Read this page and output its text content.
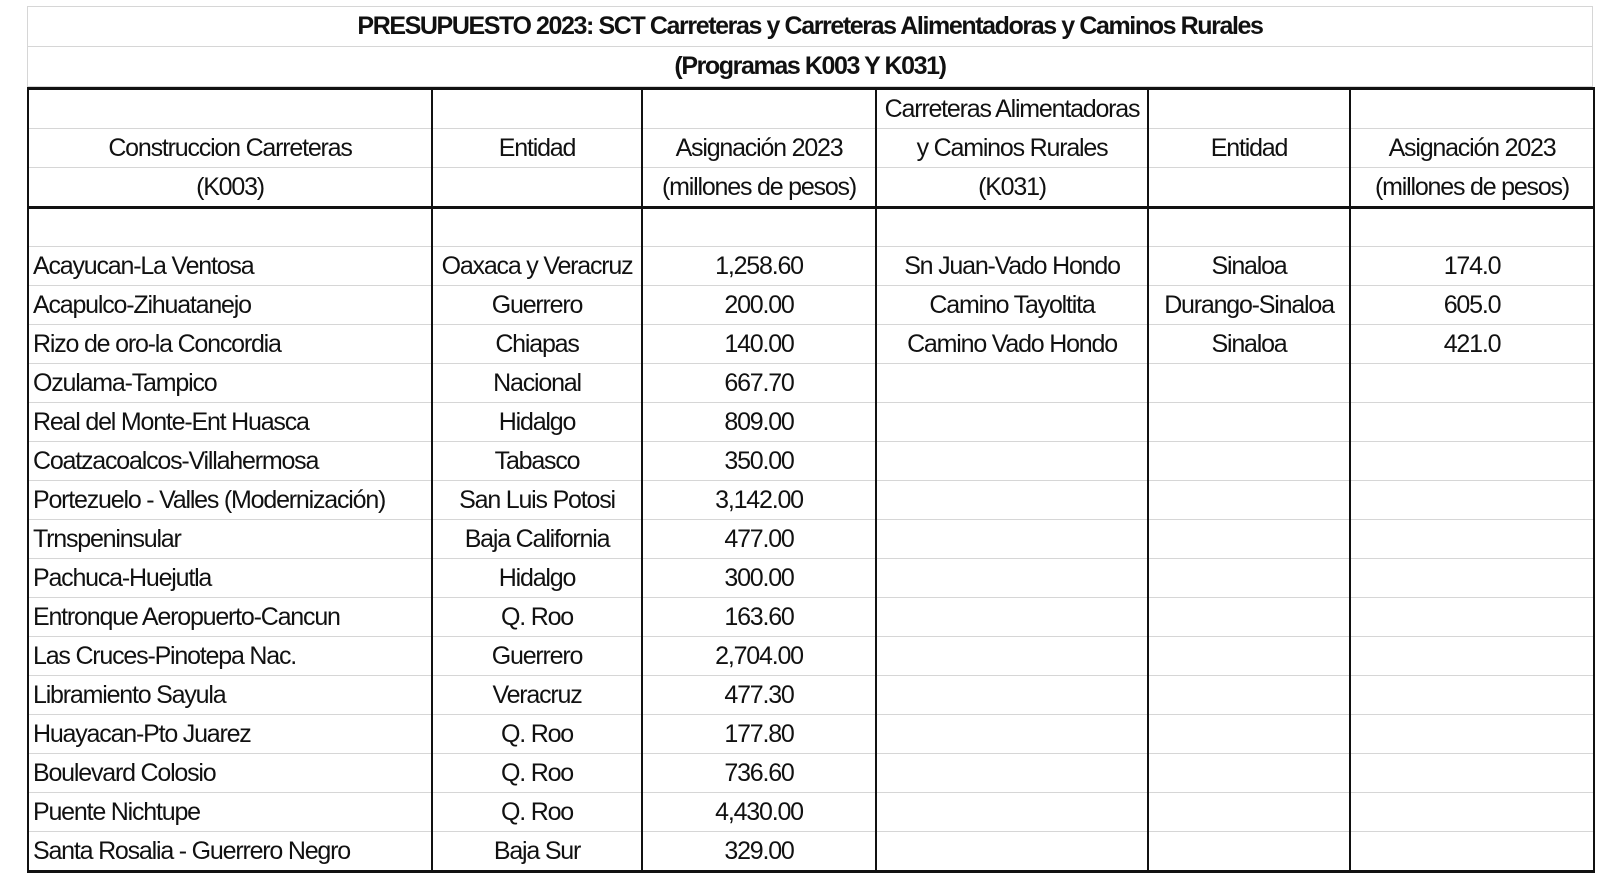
PRESUPUESTO 2023: SCT Carreteras y Carreteras Alimentadoras y Caminos Rurales
(Programas K003 Y K031)
			Carreteras Alimentadoras		
Construccion Carreteras	Entidad	Asignación 2023	y Caminos Rurales	Entidad	Asignación 2023
(K003)		(millones de pesos)	(K031)		(millones de pesos)

Acayucan-La Ventosa	Oaxaca y Veracruz	1,258.60	Sn Juan-Vado Hondo	Sinaloa	174.0
Acapulco-Zihuatanejo	Guerrero	200.00	Camino Tayoltita	Durango-Sinaloa	605.0
Rizo de oro-la Concordia	Chiapas	140.00	Camino Vado Hondo	Sinaloa	421.0
Ozulama-Tampico	Nacional	667.70			
Real del Monte-Ent Huasca	Hidalgo	809.00			
Coatzacoalcos-Villahermosa	Tabasco	350.00			
Portezuelo - Valles (Modernización)	San Luis Potosi	3,142.00			
Trnspeninsular	Baja California	477.00			
Pachuca-Huejutla	Hidalgo	300.00			
Entronque Aeropuerto-Cancun	Q. Roo	163.60			
Las Cruces-Pinotepa Nac.	Guerrero	2,704.00			
Libramiento Sayula	Veracruz	477.30			
Huayacan-Pto Juarez	Q. Roo	177.80			
Boulevard Colosio	Q. Roo	736.60			
Puente Nichtupe	Q. Roo	4,430.00			
Santa Rosalia - Guerrero Negro	Baja Sur	329.00			
